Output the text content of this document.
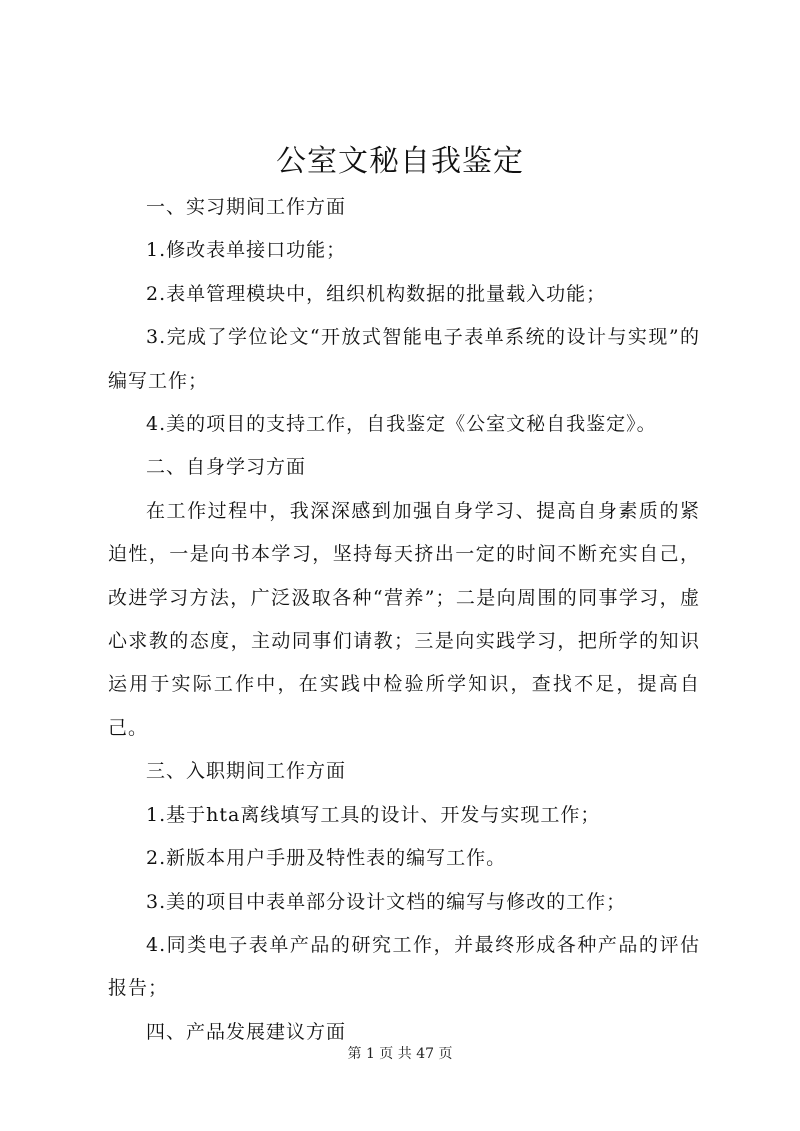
公室文秘自我鉴定

一、实习期间工作方面

1.修改表单接口功能；

2.表单管理模块中，组织机构数据的批量载入功能；

3.完成了学位论文“开放式智能电子表单系统的设计与实现”的编写工作；

4.美的项目的支持工作，自我鉴定《公室文秘自我鉴定》。

二、自身学习方面

在工作过程中，我深深感到加强自身学习、提高自身素质的紧迫性，一是向书本学习，坚持每天挤出一定的时间不断充实自己，改进学习方法，广泛汲取各种“营养”；二是向周围的同事学习，虚心求教的态度，主动同事们请教；三是向实践学习，把所学的知识运用于实际工作中，在实践中检验所学知识，查找不足，提高自己。

三、入职期间工作方面

1.基于hta离线填写工具的设计、开发与实现工作；

2.新版本用户手册及特性表的编写工作。

3.美的项目中表单部分设计文档的编写与修改的工作；

4.同类电子表单产品的研究工作，并最终形成各种产品的评估报告；

四、产品发展建议方面

第 1 页 共 47 页
